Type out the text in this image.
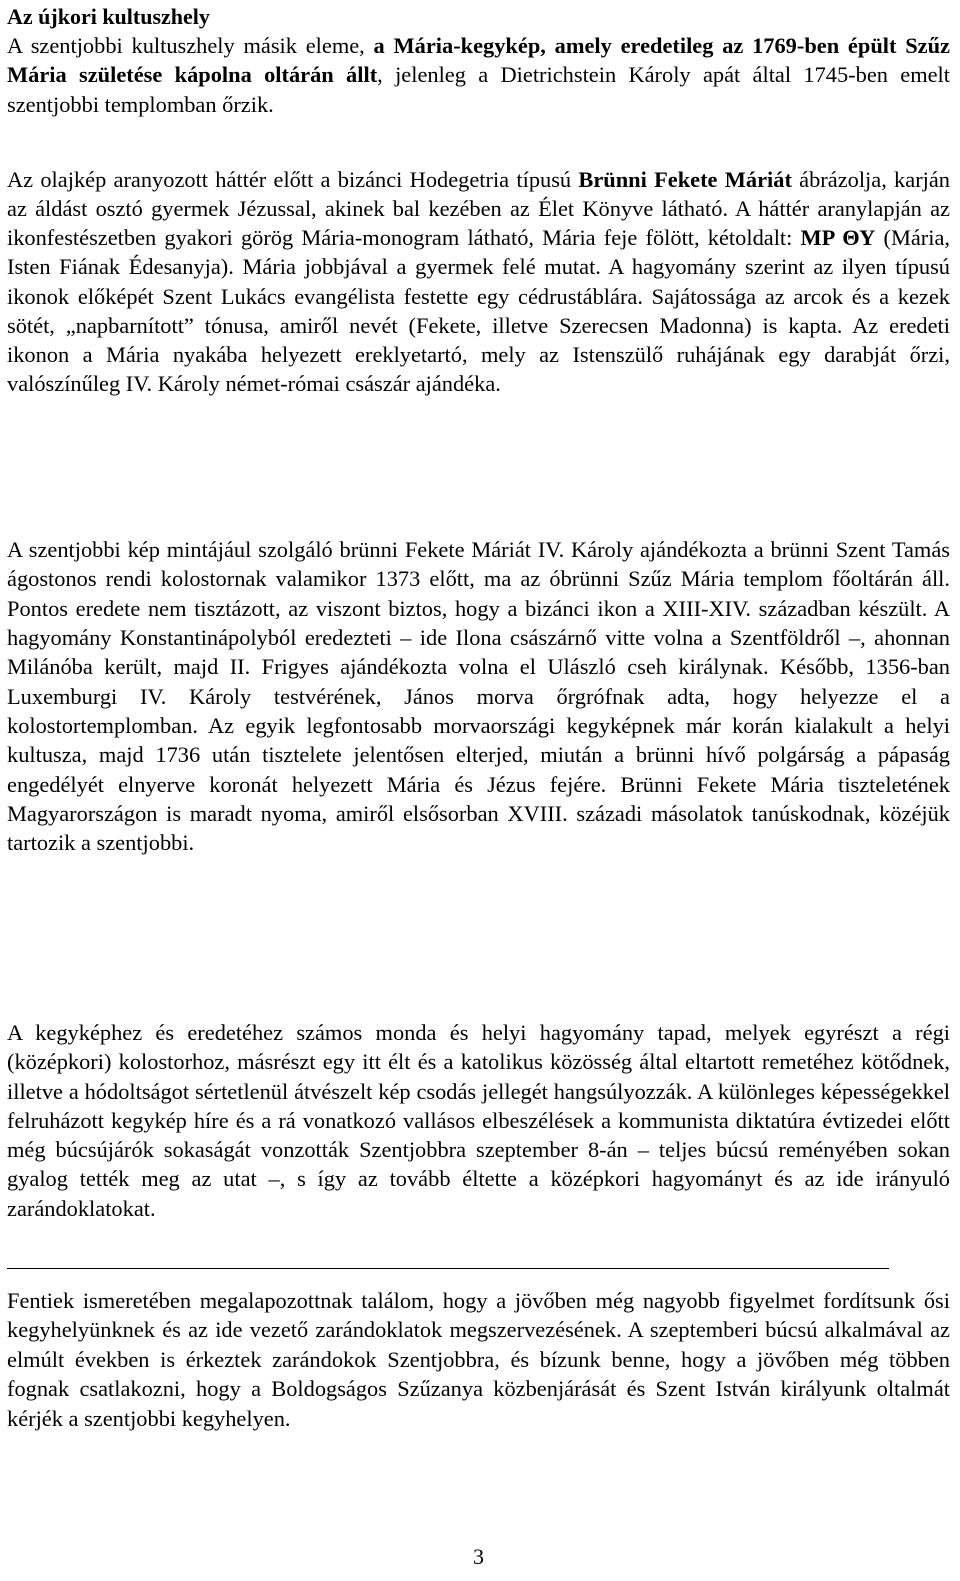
Az újkori kultuszhely

A szentjobbi kultuszhely másik eleme, a Mária-kegykép, amely eredetileg az 1769-ben épült Szűz Mária születése kápolna oltárán állt, jelenleg a Dietrichstein Károly apát által 1745-ben emelt szentjobbi templomban őrzik.

Az olajkép aranyozott háttér előtt a bizánci Hodegetria típusú Brünni Fekete Máriát ábrázolja, karján az áldást osztó gyermek Jézussal, akinek bal kezében az Élet Könyve látható. A háttér aranylapján az ikonfestészetben gyakori görög Mária-monogram látható, Mária feje fölött, kétoldalt: ΜΡ ΘΥ (Mária, Isten Fiának Édesanyja). Mária jobbjával a gyermek felé mutat. A hagyomány szerint az ilyen típusú ikonok előképét Szent Lukács evangélista festette egy cédrustáblára. Sajátossága az arcok és a kezek sötét, „napbarnított” tónusa, amiről nevét (Fekete, illetve Szerecsen Madonna) is kapta. Az eredeti ikonon a Mária nyakába helyezett ereklyetartó, mely az Istenszülő ruhájának egy darabját őrzi, valószínűleg IV. Károly német-római császár ajándéka.

A szentjobbi kép mintájául szolgáló brünni Fekete Máriát IV. Károly ajándékozta a brünni Szent Tamás ágostonos rendi kolostornak valamikor 1373 előtt, ma az óbrünni Szűz Mária templom főoltárán áll. Pontos eredete nem tisztázott, az viszont biztos, hogy a bizánci ikon a XIII-XIV. században készült. A hagyomány Konstantinápolyból eredezteti – ide Ilona császárnő vitte volna a Szentföldről –, ahonnan Milánóba került, majd II. Frigyes ajándékozta volna el Ulászló cseh királynak. Később, 1356-ban Luxemburgi IV. Károly testvérének, János morva őrgrófnak adta, hogy helyezze el a kolostortemplomban. Az egyik legfontosabb morvaországi kegyképnek már korán kialakult a helyi kultusza, majd 1736 után tisztelete jelentősen elterjed, miután a brünni hívő polgárság a pápaság engedélyét elnyerve koronát helyezett Mária és Jézus fejére. Brünni Fekete Mária tiszteletének Magyarországon is maradt nyoma, amiről elsősorban XVIII. századi másolatok tanúskodnak, közéjük tartozik a szentjobbi.

A kegyképhez és eredetéhez számos monda és helyi hagyomány tapad, melyek egyrészt a régi (középkori) kolostorhoz, másrészt egy itt élt és a katolikus közösség által eltartott remetéhez kötődnek, illetve a hódoltságot sértetlenül átvészelt kép csodás jellegét hangsúlyozzák. A különleges képességekkel felruházott kegykép híre és a rá vonatkozó vallásos elbeszélések a kommunista diktatúra évtizedei előtt még búcsújárók sokaságát vonzották Szentjobbra szeptember 8-án – teljes búcsú reményében sokan gyalog tették meg az utat –, s így az tovább éltette a középkori hagyományt és az ide irányuló zarándoklatokat.

Fentiek ismeretében megalapozottnak találom, hogy a jövőben még nagyobb figyelmet fordítsunk ősi kegyhelyünknek és az ide vezető zarándoklatok megszervezésének. A szeptemberi búcsú alkalmával az elmúlt években is érkeztek zarándokok Szentjobbra, és bízunk benne, hogy a jövőben még többen fognak csatlakozni, hogy a Boldogságos Szűzanya közbenjárását és Szent István királyunk oltalmát kérjék a szentjobbi kegyhelyen.

3
